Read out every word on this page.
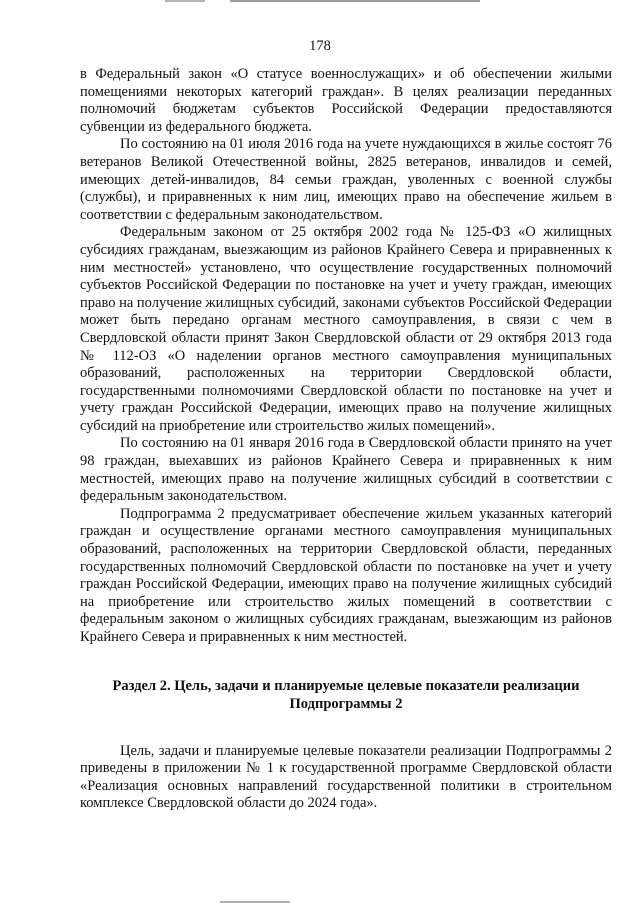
178

в Федеральный закон «О статусе военнослужащих» и об обеспечении жилыми помещениями некоторых категорий граждан». В целях реализации переданных полномочий бюджетам субъектов Российской Федерации предоставляются субвенции из федерального бюджета.

По состоянию на 01 июля 2016 года на учете нуждающихся в жилье состоят 76 ветеранов Великой Отечественной войны, 2825 ветеранов, инвалидов и семей, имеющих детей-инвалидов, 84 семьи граждан, уволенных с военной службы (службы), и приравненных к ним лиц, имеющих право на обеспечение жильем в соответствии с федеральным законодательством.

Федеральным законом от 25 октября 2002 года № 125-ФЗ «О жилищных субсидиях гражданам, выезжающим из районов Крайнего Севера и приравненных к ним местностей» установлено, что осуществление государственных полномочий субъектов Российской Федерации по постановке на учет и учету граждан, имеющих право на получение жилищных субсидий, законами субъектов Российской Федерации может быть передано органам местного самоуправления, в связи с чем в Свердловской области принят Закон Свердловской области от 29 октября 2013 года № 112-ОЗ «О наделении органов местного самоуправления муниципальных образований, расположенных на территории Свердловской области, государственными полномочиями Свердловской области по постановке на учет и учету граждан Российской Федерации, имеющих право на получение жилищных субсидий на приобретение или строительство жилых помещений».

По состоянию на 01 января 2016 года в Свердловской области принято на учет 98 граждан, выехавших из районов Крайнего Севера и приравненных к ним местностей, имеющих право на получение жилищных субсидий в соответствии с федеральным законодательством.

Подпрограмма 2 предусматривает обеспечение жильем указанных категорий граждан и осуществление органами местного самоуправления муниципальных образований, расположенных на территории Свердловской области, переданных государственных полномочий Свердловской области по постановке на учет и учету граждан Российской Федерации, имеющих право на получение жилищных субсидий на приобретение или строительство жилых помещений в соответствии с федеральным законом о жилищных субсидиях гражданам, выезжающим из районов Крайнего Севера и приравненных к ним местностей.

Раздел 2. Цель, задачи и планируемые целевые показатели реализации
Подпрограммы 2

Цель, задачи и планируемые целевые показатели реализации Подпрограммы 2 приведены в приложении № 1 к государственной программе Свердловской области «Реализация основных направлений государственной политики в строительном комплексе Свердловской области до 2024 года».
